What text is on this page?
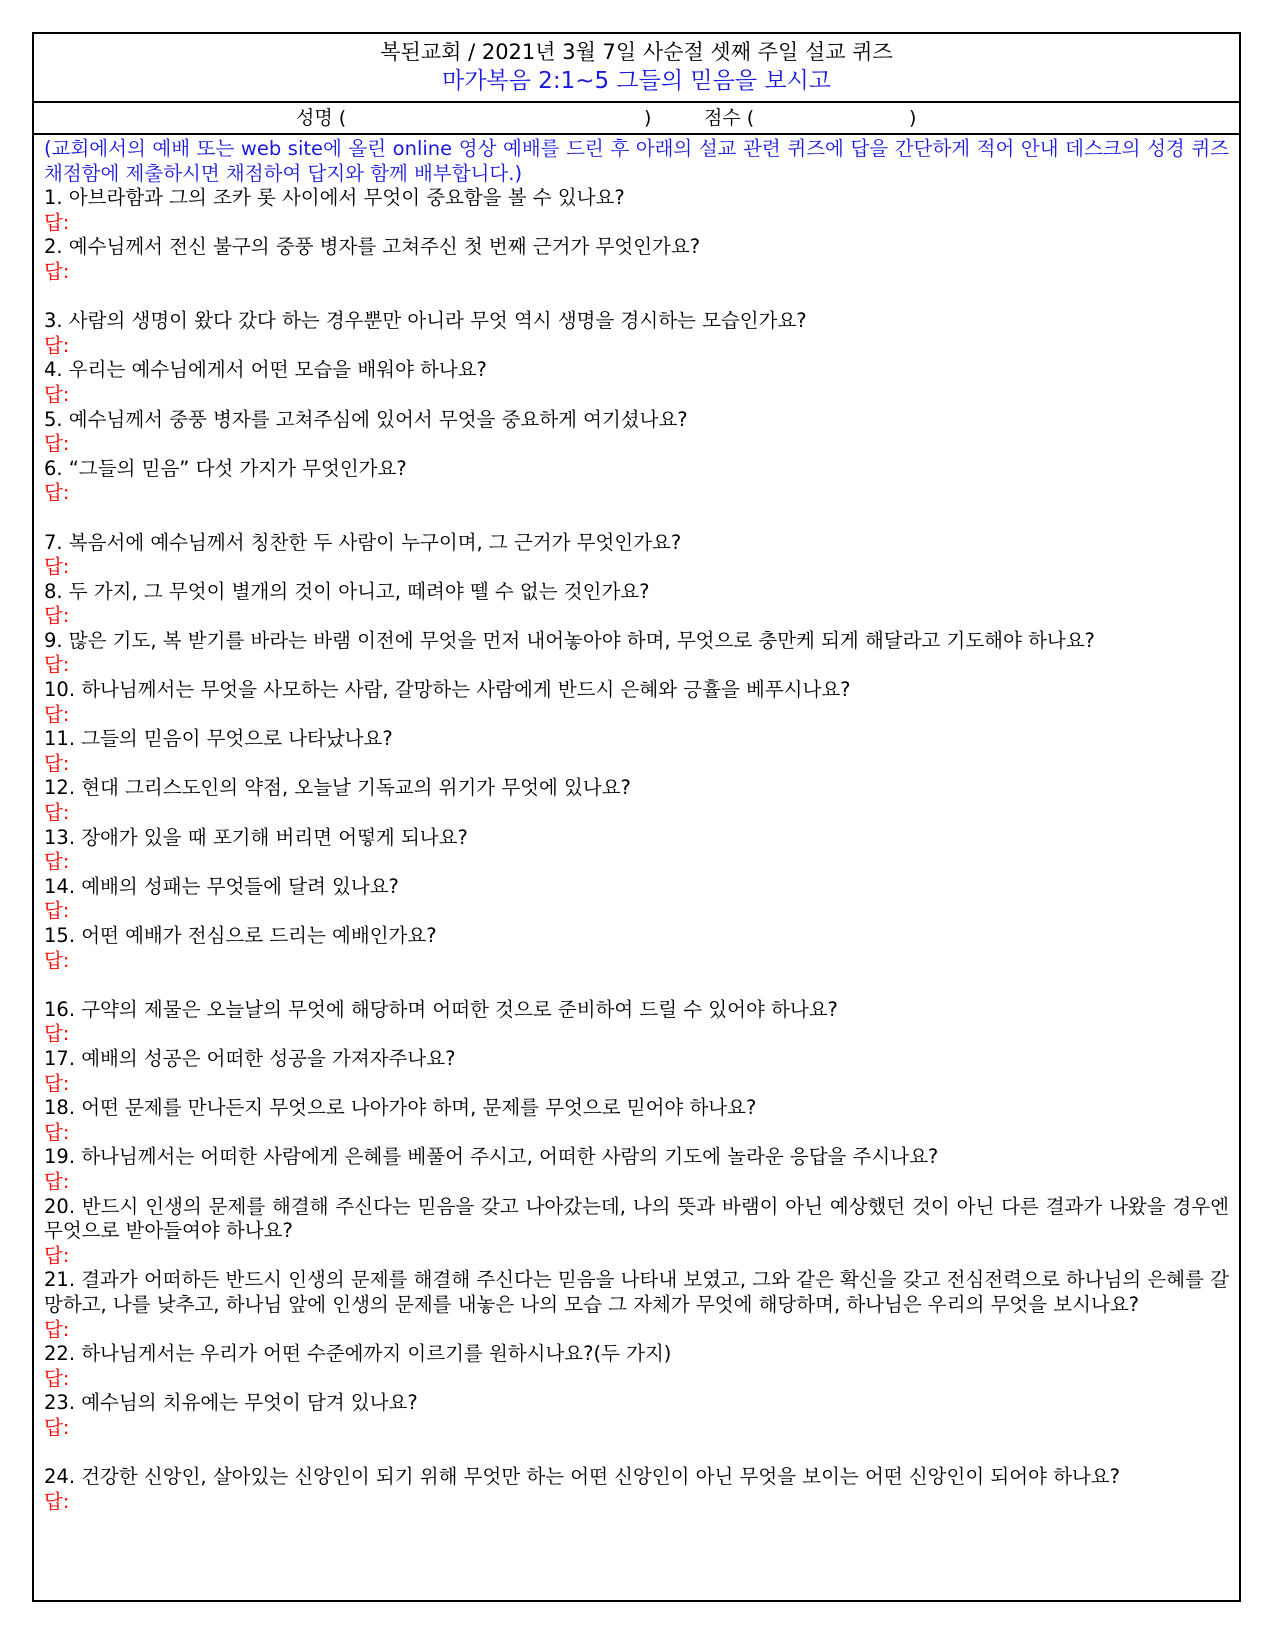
복된교회 / 2021년 3월 7일 사순절 셋째 주일 설교 퀴즈
마가복음 2:1~5 그들의 믿음을 보시고
성명 (	)	점수 (	)
(교회에서의 예배 또는 web site에 올린 online 영상 예배를 드린 후 아래의 설교 관련 퀴즈에 답을 간단하게 적어 안내 데스크의 성경 퀴즈 채점함에 제출하시면 채점하여 답지와 함께 배부합니다.)
1. 아브라함과 그의 조카 롯 사이에서 무엇이 중요함을 볼 수 있나요?
답:
2. 예수님께서 전신 불구의 중풍 병자를 고쳐주신 첫 번째 근거가 무엇인가요?
답:
3. 사람의 생명이 왔다 갔다 하는 경우뿐만 아니라 무엇 역시 생명을 경시하는 모습인가요?
답:
4. 우리는 예수님에게서 어떤 모습을 배워야 하나요?
답:
5. 예수님께서 중풍 병자를 고쳐주심에 있어서 무엇을 중요하게 여기셨나요?
답:
6. “그들의 믿음” 다섯 가지가 무엇인가요?
답:
7. 복음서에 예수님께서 칭찬한 두 사람이 누구이며, 그 근거가 무엇인가요?
답:
8. 두 가지, 그 무엇이 별개의 것이 아니고, 떼려야 뗄 수 없는 것인가요?
답:
9. 많은 기도, 복 받기를 바라는 바램 이전에 무엇을 먼저 내어놓아야 하며, 무엇으로 충만케 되게 해달라고 기도해야 하나요?
답:
10. 하나님께서는 무엇을 사모하는 사람, 갈망하는 사람에게 반드시 은혜와 긍휼을 베푸시나요?
답:
11. 그들의 믿음이 무엇으로 나타났나요?
답:
12. 현대 그리스도인의 약점, 오늘날 기독교의 위기가 무엇에 있나요?
답:
13. 장애가 있을 때 포기해 버리면 어떻게 되나요?
답:
14. 예배의 성패는 무엇들에 달려 있나요?
답:
15. 어떤 예배가 전심으로 드리는 예배인가요?
답:
16. 구약의 제물은 오늘날의 무엇에 해당하며 어떠한 것으로 준비하여 드릴 수 있어야 하나요?
답:
17. 예배의 성공은 어떠한 성공을 가져자주나요?
답:
18. 어떤 문제를 만나든지 무엇으로 나아가야 하며, 문제를 무엇으로 믿어야 하나요?
답:
19. 하나님께서는 어떠한 사람에게 은혜를 베풀어 주시고, 어떠한 사람의 기도에 놀라운 응답을 주시나요?
답:
20. 반드시 인생의 문제를 해결해 주신다는 믿음을 갖고 나아갔는데, 나의 뜻과 바램이 아닌 예상했던 것이 아닌 다른 결과가 나왔을 경우엔 무엇으로 받아들여야 하나요?
답:
21. 결과가 어떠하든 반드시 인생의 문제를 해결해 주신다는 믿음을 나타내 보였고, 그와 같은 확신을 갖고 전심전력으로 하나님의 은혜를 갈망하고, 나를 낮추고, 하나님 앞에 인생의 문제를 내놓은 나의 모습 그 자체가 무엇에 해당하며, 하나님은 우리의 무엇을 보시나요?
답:
22. 하나님게서는 우리가 어떤 수준에까지 이르기를 원하시나요?(두 가지)
답:
23. 예수님의 치유에는 무엇이 담겨 있나요?
답:
24. 건강한 신앙인, 살아있는 신앙인이 되기 위해 무엇만 하는 어떤 신앙인이 아닌 무엇을 보이는 어떤 신앙인이 되어야 하나요?
답:
